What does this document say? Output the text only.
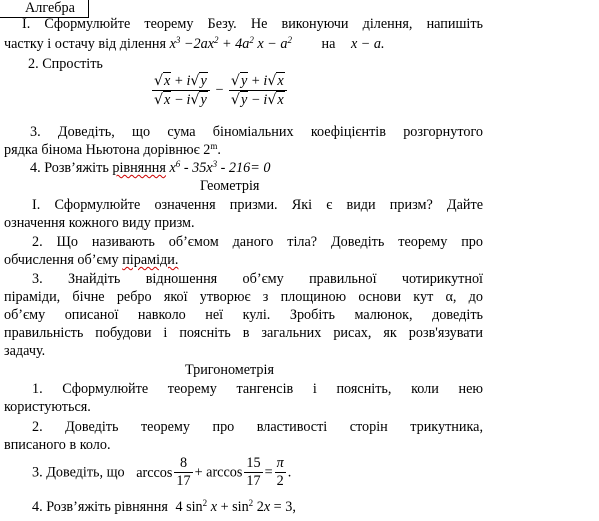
Алгебра
I. Сформулюйте теорему Безу. Не виконуючи ділення, напишіть
частку і остачу від ділення $x^3 -2ax^2 + 4a^2$ $x - a^2$ на x − a.
2. Спростіть
$\frac{√x + i√y}{√x - i√y} - \frac{√y + i√x}{√y - i√x}$
3. Доведіть, що сума біноміальних коефіцієнтів розгорнутого
рядка бінома Ньютона дорівнює 2$^m$.
4. Розв’яжіть рівняння $x^6 - 35x^3 - 216= 0$
Геометрія
I. Сформулюйте означення призми. Які є види призм? Дайте
означення кожного виду призм.
2. Що називають об’ємом даного тіла? Доведіть теорему про
обчислення об’єму піраміди.
3. Знайдіть відношення об’єму правильної чотирикутної
піраміди, бічне ребро якої утворює з площиною основи кут α, до
об’єму описаної навколо неї кулі. Зробіть малюнок, доведіть
правильність побудови і поясніть в загальних рисах, як розв'язувати
задачу.
Тригонометрія
1. Сформулюйте теорему тангенсів і поясніть, коли нею
користуються.
2. Доведіть теорему про властивості сторін трикутника,
вписаного в коло.
3. Доведіть, що $\arccos \frac{8}{17} + \arccos \frac{15}{17} = \frac{\pi}{2}$ .
4. Розв’яжіть рівняння 4 $\sin^2 x + \sin^2 2x = 3$,
